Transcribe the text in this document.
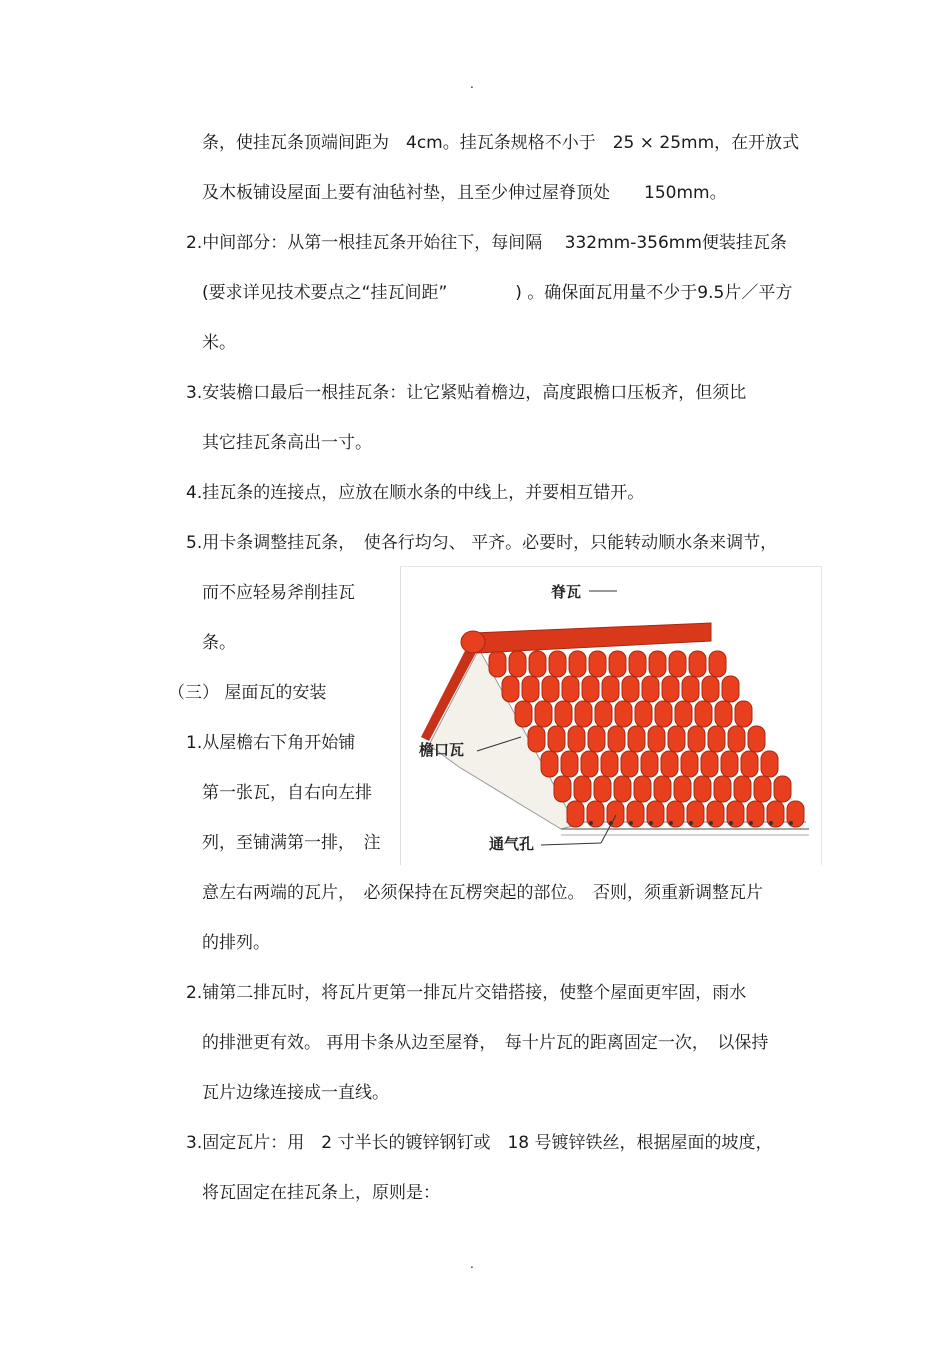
.
条，使挂瓦条顶端间距为　4cm。挂瓦条规格不小于　25 × 25mm，在开放式
及木板铺设屋面上要有油毡衬垫，且至少伸过屋脊顶处　　150mm。
2.中间部分：从第一根挂瓦条开始往下，每间隔　 332mm-356mm便装挂瓦条
(要求详见技术要点之“挂瓦间距”　　　　) 。确保面瓦用量不少于9.5片／平方
米。
3.安装檐口最后一根挂瓦条：让它紧贴着檐边，高度跟檐口压板齐，但须比
其它挂瓦条高出一寸。
4.挂瓦条的连接点，应放在顺水条的中线上，并要相互错开。
5.用卡条调整挂瓦条，　使各行均匀、 平齐。必要时，只能转动顺水条来调节，
而不应轻易斧削挂瓦
条。
（三） 屋面瓦的安装
1.从屋檐右下角开始铺
第一张瓦，自右向左排
列，至铺满第一排，　注
意左右两端的瓦片，　必须保持在瓦楞突起的部位。　否则，须重新调整瓦片
的排列。
2.铺第二排瓦时，将瓦片更第一排瓦片交错搭接，使整个屋面更牢固，雨水
的排泄更有效。 再用卡条从边至屋脊，　每十片瓦的距离固定一次，　以保持
瓦片边缘连接成一直线。
3.固定瓦片：用　2 寸半长的镀锌钢钉或　18 号镀锌铁丝，根据屋面的坡度，
将瓦固定在挂瓦条上，原则是：
脊瓦
檐口瓦
通气孔
.
